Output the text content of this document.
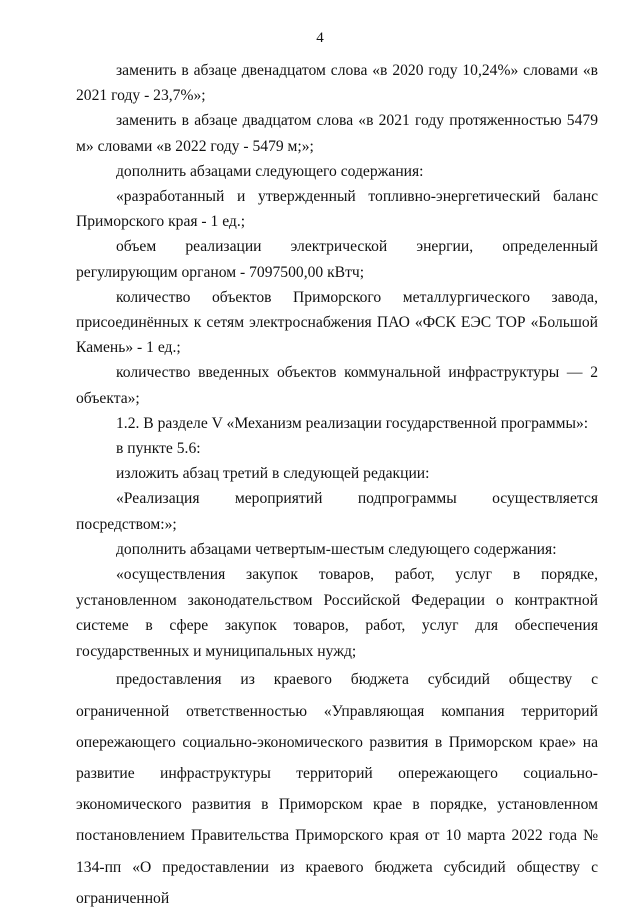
4

заменить в абзаце двенадцатом слова «в 2020 году 10,24%» словами «в 2021 году - 23,7%»;

заменить в абзаце двадцатом слова «в 2021 году протяженностью 5479 м» словами «в 2022 году - 5479 м;»;

дополнить абзацами следующего содержания:

«разработанный и утвержденный топливно-энергетический баланс Приморского края - 1 ед.;

объем реализации электрической энергии, определенный регулирующим органом - 7097500,00 кВтч;

количество объектов Приморского металлургического завода, присоединённых к сетям электроснабжения ПАО «ФСК ЕЭС ТОР «Большой Камень» - 1 ед.;

количество введенных объектов коммунальной инфраструктуры — 2 объекта»;

1.2. В разделе V «Механизм реализации государственной программы»:

в пункте 5.6:

изложить абзац третий в следующей редакции:

«Реализация мероприятий подпрограммы осуществляется посредством:»;

дополнить абзацами четвертым-шестым следующего содержания:

«осуществления закупок товаров, работ, услуг в порядке, установленном законодательством Российской Федерации о контрактной системе в сфере закупок товаров, работ, услуг для обеспечения государственных и муниципальных нужд;

предоставления из краевого бюджета субсидий обществу с ограниченной ответственностью «Управляющая компания территорий опережающего социально-экономического развития в Приморском крае» на развитие инфраструктуры территорий опережающего социально-экономического развития в Приморском крае в порядке, установленном постановлением Правительства Приморского края от 10 марта 2022 года № 134-пп «О предоставлении из краевого бюджета субсидий обществу с ограниченной
